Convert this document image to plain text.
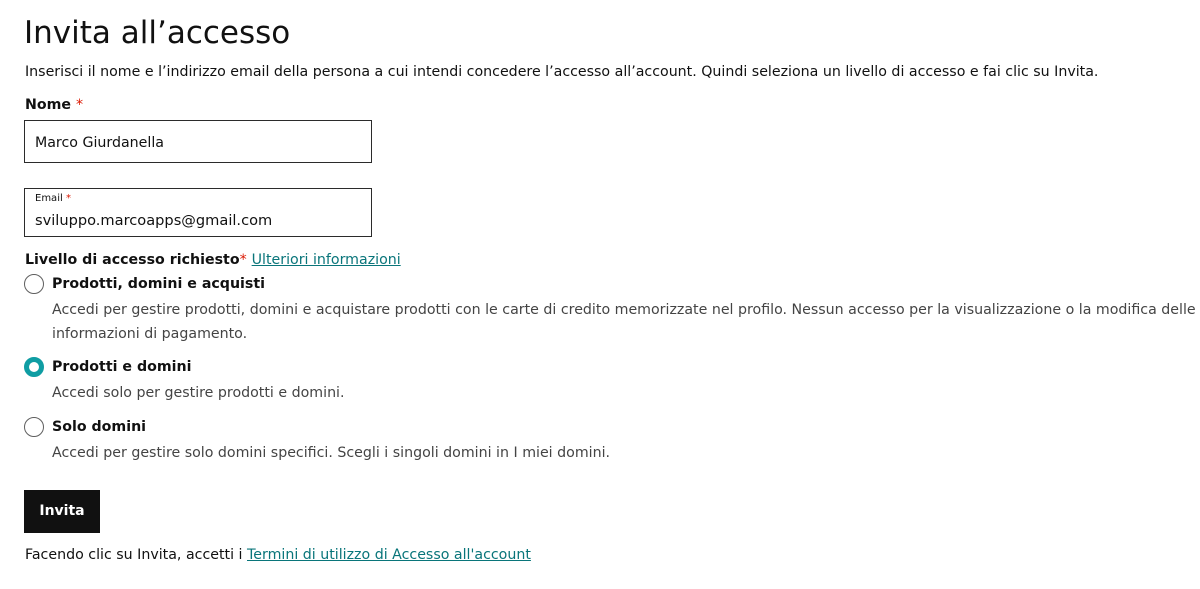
Invita all’accesso
Inserisci il nome e l’indirizzo email della persona a cui intendi concedere l’accesso all’account. Quindi seleziona un livello di accesso e fai clic su Invita.
Nome *
Marco Giurdanella
Email *
sviluppo.marcoapps@gmail.com
Livello di accesso richiesto* Ulteriori informazioni
Prodotti, domini e acquisti
Accedi per gestire prodotti, domini e acquistare prodotti con le carte di credito memorizzate nel profilo. Nessun accesso per la visualizzazione o la modifica delle informazioni di pagamento.
Prodotti e domini
Accedi solo per gestire prodotti e domini.
Solo domini
Accedi per gestire solo domini specifici. Scegli i singoli domini in I miei domini.
Invita
Facendo clic su Invita, accetti i Termini di utilizzo di Accesso all'account
